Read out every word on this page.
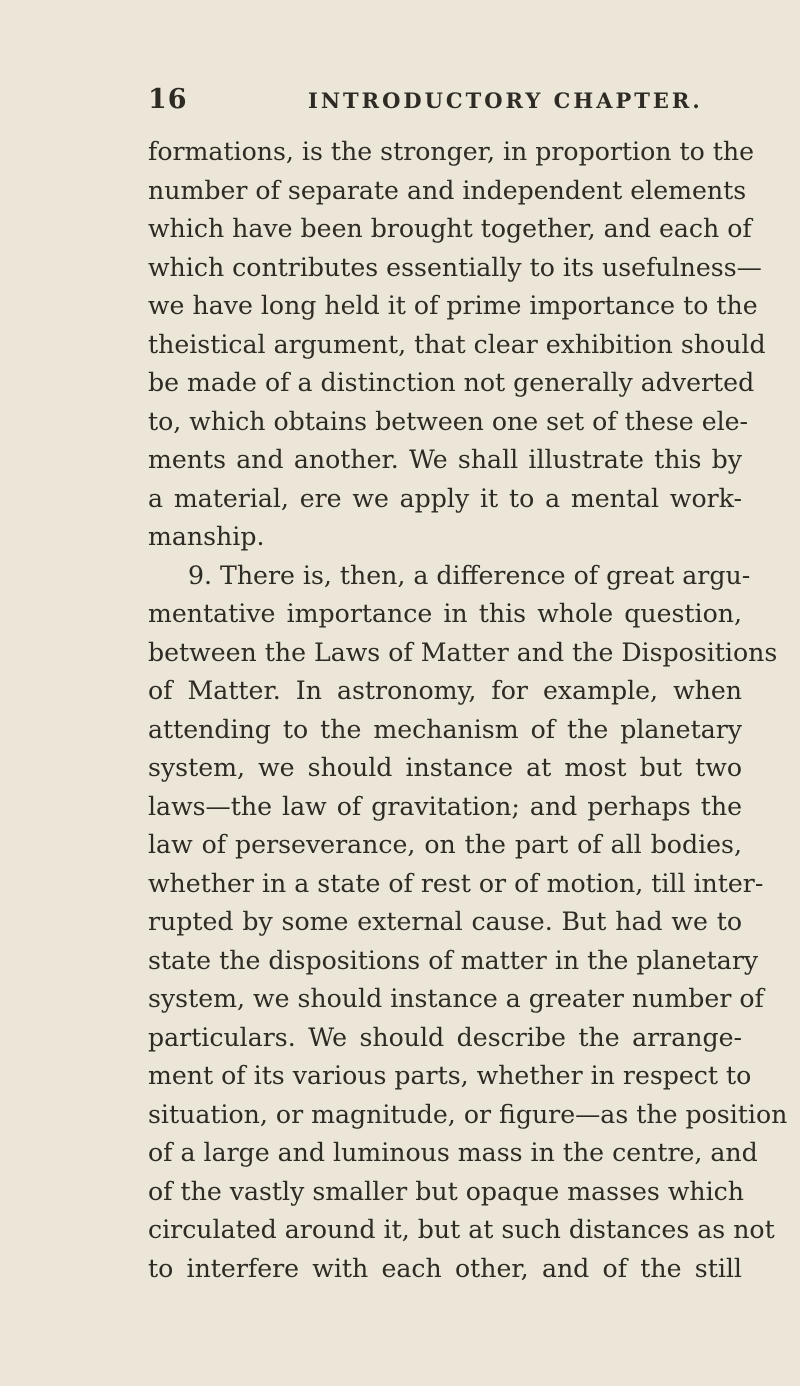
16	INTRODUCTORY CHAPTER.
formations, is the stronger, in proportion to the
number of separate and independent elements
which have been brought together, and each of
which contributes essentially to its usefulness—
we have long held it of prime importance to the
theistical argument, that clear exhibition should
be made of a distinction not generally adverted
to, which obtains between one set of these ele-
ments and another. We shall illustrate this by
a material, ere we apply it to a mental work-
manship.
9. There is, then, a difference of great argu-
mentative importance in this whole question,
between the Laws of Matter and the Dispositions
of Matter. In astronomy, for example, when
attending to the mechanism of the planetary
system, we should instance at most but two
laws—the law of gravitation; and perhaps the
law of perseverance, on the part of all bodies,
whether in a state of rest or of motion, till inter-
rupted by some external cause. But had we to
state the dispositions of matter in the planetary
system, we should instance a greater number of
particulars. We should describe the arrange-
ment of its various parts, whether in respect to
situation, or magnitude, or figure—as the position
of a large and luminous mass in the centre, and
of the vastly smaller but opaque masses which
circulated around it, but at such distances as not
to interfere with each other, and of the still
